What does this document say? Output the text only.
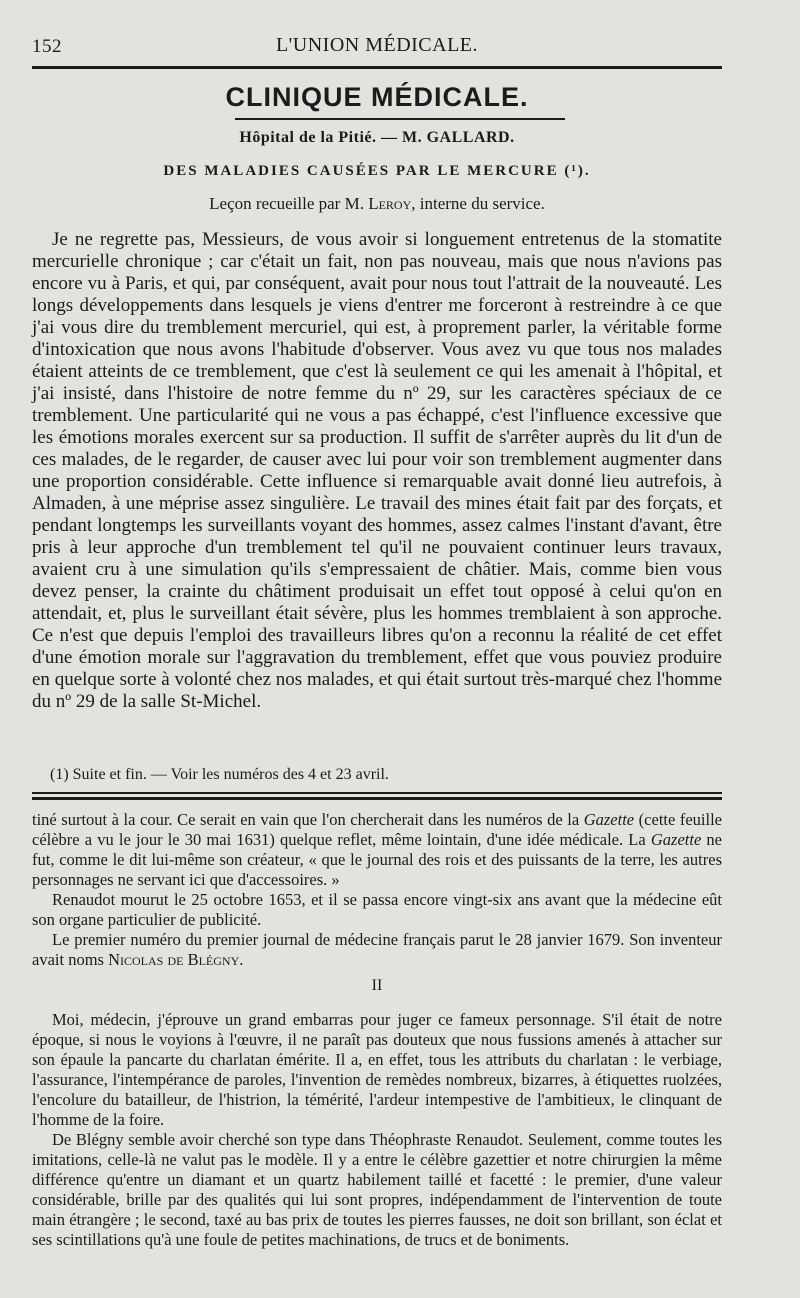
152	L'UNION MÉDICALE.
CLINIQUE MÉDICALE.
Hôpital de la Pitié. — M. GALLARD.
DES MALADIES CAUSÉES PAR LE MERCURE (¹).
Leçon recueille par M. Leroy, interne du service.

Je ne regrette pas, Messieurs, de vous avoir si longuement entretenus de la stomatite mercurielle chronique ; car c'était un fait, non pas nouveau, mais que nous n'avions pas encore vu à Paris, et qui, par conséquent, avait pour nous tout l'attrait de la nouveauté. Les longs développements dans lesquels je viens d'entrer me forceront à restreindre à ce que j'ai vous dire du tremblement mercuriel, qui est, à proprement parler, la véritable forme d'intoxication que nous avons l'habitude d'observer. Vous avez vu que tous nos malades étaient atteints de ce tremblement, que c'est là seulement ce qui les amenait à l'hôpital, et j'ai insisté, dans l'histoire de notre femme du nº 29, sur les caractères spéciaux de ce tremblement. Une particularité qui ne vous a pas échappé, c'est l'influence excessive que les émotions morales exercent sur sa production. Il suffit de s'arrêter auprès du lit d'un de ces malades, de le regarder, de causer avec lui pour voir son tremblement augmenter dans une proportion considérable. Cette influence si remarquable avait donné lieu autrefois, à Almaden, à une méprise assez singulière. Le travail des mines était fait par des forçats, et pendant longtemps les surveillants voyant des hommes, assez calmes l'instant d'avant, être pris à leur approche d'un tremblement tel qu'il ne pouvaient continuer leurs travaux, avaient cru à une simulation qu'ils s'empressaient de châtier. Mais, comme bien vous devez penser, la crainte du châtiment produisait un effet tout opposé à celui qu'on en attendait, et, plus le surveillant était sévère, plus les hommes tremblaient à son approche. Ce n'est que depuis l'emploi des travailleurs libres qu'on a reconnu la réalité de cet effet d'une émotion morale sur l'aggravation du tremblement, effet que vous pouviez produire en quelque sorte à volonté chez nos malades, et qui était surtout très-marqué chez l'homme du nº 29 de la salle St-Michel.

(1) Suite et fin. — Voir les numéros des 4 et 23 avril.

tiné surtout à la cour. Ce serait en vain que l'on chercherait dans les numéros de la Gazette (cette feuille célèbre a vu le jour le 30 mai 1631) quelque reflet, même lointain, d'une idée médicale. La Gazette ne fut, comme le dit lui-même son créateur, « que le journal des rois et des puissants de la terre, les autres personnages ne servant ici que d'accessoires. »

Renaudot mourut le 25 octobre 1653, et il se passa encore vingt-six ans avant que la médecine eût son organe particulier de publicité.

Le premier numéro du premier journal de médecine français parut le 28 janvier 1679. Son inventeur avait noms Nicolas de Blégny.

II

Moi, médecin, j'éprouve un grand embarras pour juger ce fameux personnage. S'il était de notre époque, si nous le voyions à l'œuvre, il ne paraît pas douteux que nous fussions amenés à attacher sur son épaule la pancarte du charlatan émérite. Il a, en effet, tous les attributs du charlatan : le verbiage, l'assurance, l'intempérance de paroles, l'invention de remèdes nombreux, bizarres, à étiquettes ruolzées, l'encolure du batailleur, de l'histrion, la témérité, l'ardeur intempestive de l'ambitieux, le clinquant de l'homme de la foire.

De Blégny semble avoir cherché son type dans Théophraste Renaudot. Seulement, comme toutes les imitations, celle-là ne valut pas le modèle. Il y a entre le célèbre gazettier et notre chirurgien la même différence qu'entre un diamant et un quartz habilement taillé et facetté : le premier, d'une valeur considérable, brille par des qualités qui lui sont propres, indépendamment de l'intervention de toute main étrangère ; le second, taxé au bas prix de toutes les pierres fausses, ne doit son brillant, son éclat et ses scintillations qu'à une foule de petites machinations, de trucs et de boniments.
